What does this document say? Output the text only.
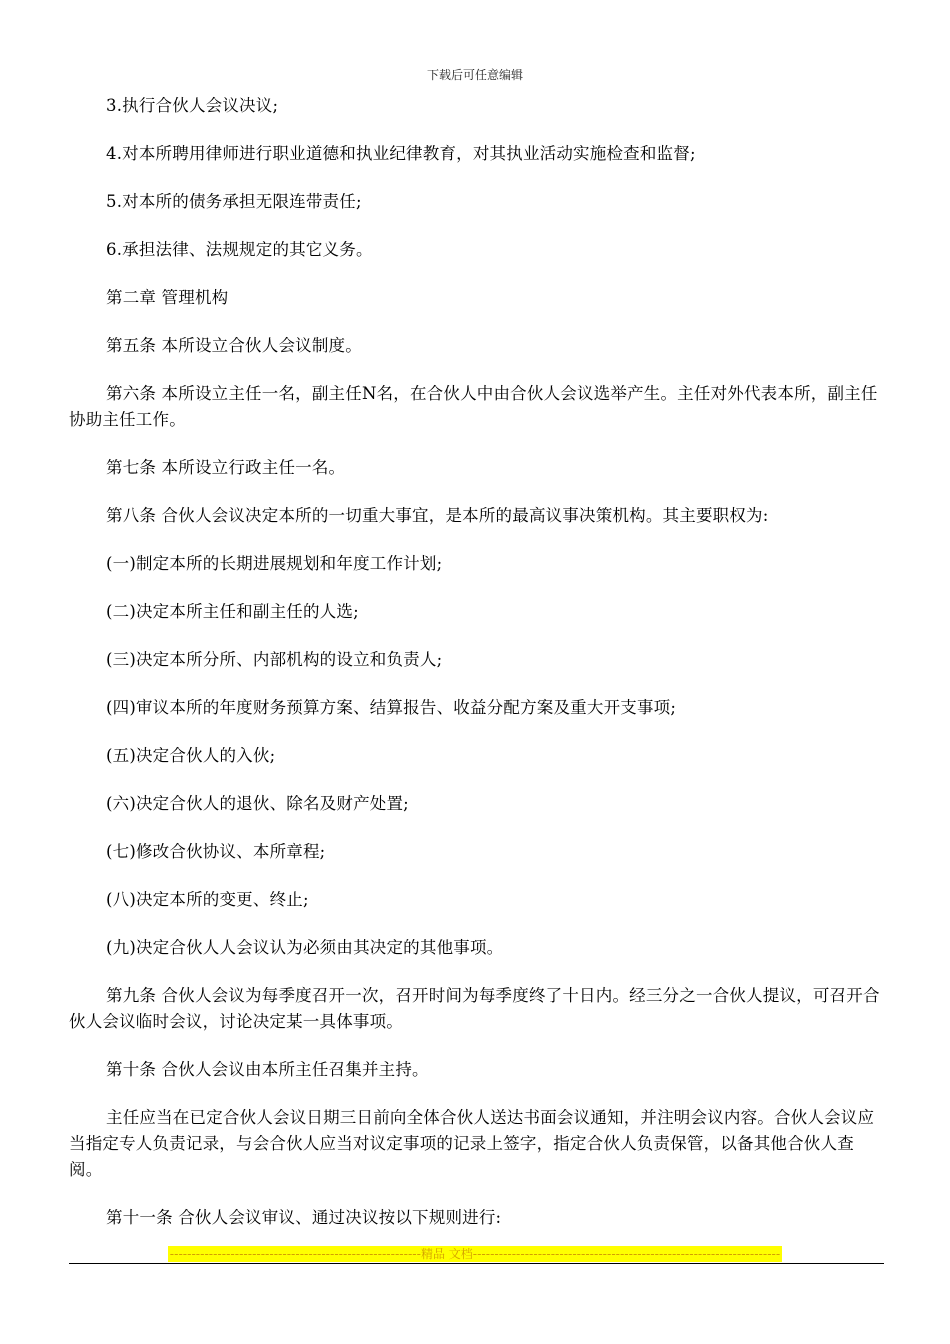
下载后可任意编辑

3.执行合伙人会议决议;

4.对本所聘用律师进行职业道德和执业纪律教育，对其执业活动实施检查和监督;

5.对本所的债务承担无限连带责任;

6.承担法律、法规规定的其它义务。

第二章 管理机构

第五条 本所设立合伙人会议制度。

第六条 本所设立主任一名，副主任N名，在合伙人中由合伙人会议选举产生。主任对外代表本所，副主任协助主任工作。

第七条 本所设立行政主任一名。

第八条 合伙人会议决定本所的一切重大事宜，是本所的最高议事决策机构。其主要职权为:

(一)制定本所的长期进展规划和年度工作计划;

(二)决定本所主任和副主任的人选;

(三)决定本所分所、内部机构的设立和负责人;

(四)审议本所的年度财务预算方案、结算报告、收益分配方案及重大开支事项;

(五)决定合伙人的入伙;

(六)决定合伙人的退伙、除名及财产处置;

(七)修改合伙协议、本所章程;

(八)决定本所的变更、终止;

(九)决定合伙人人会议认为必须由其决定的其他事项。

第九条 合伙人会议为每季度召开一次，召开时间为每季度终了十日内。经三分之一合伙人提议，可召开合伙人会议临时会议，讨论决定某一具体事项。

第十条 合伙人会议由本所主任召集并主持。

主任应当在已定合伙人会议日期三日前向全体合伙人送达书面会议通知，并注明会议内容。合伙人会议应当指定专人负责记录，与会合伙人应当对议定事项的记录上签字，指定合伙人负责保管，以备其他合伙人查阅。

第十一条 合伙人会议审议、通过决议按以下规则进行:

----------------------------------------------------------精品 文档-----------------------------------------------------------------------
